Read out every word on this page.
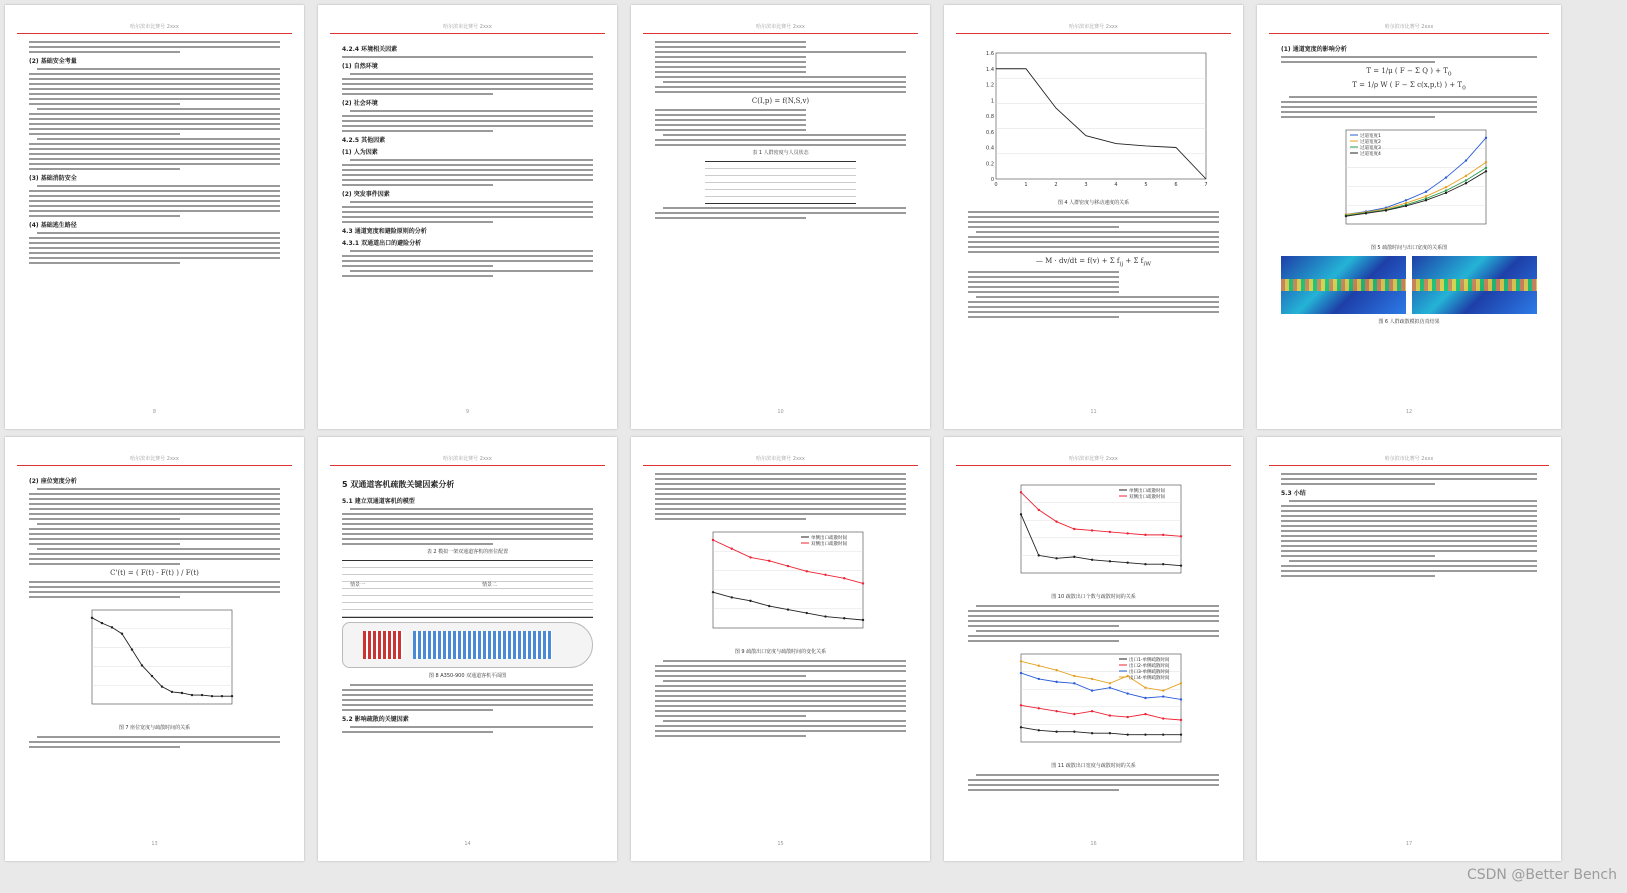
哈尔滨市比赛号 2xxx
(2) 基础安全考量
(3) 基础消防安全
(4) 基础逃生路径
8
哈尔滨市比赛号 2xxx
4.2.4 环境相关因素
(1) 自然环境
(2) 社会环境
4.2.5 其他因素
(1) 人为因素
(2) 突发事件因素
4.3 通道宽度和避险原则的分析
4.3.1 双通道出口的避险分析
9
哈尔滨市比赛号 2xxx
C(I,p) = f(N,S,v)
表 1 人群密度与人员状态
10
哈尔滨市比赛号 2xxx
0	1	2	3	4	5	6	7
0
0.2
0.4
0.6
0.8
1
1.2
1.4
1.6
图 4 人群密度与移动速度的关系
— M · dv/dt = f(v) + Σ $f_{ij} + \Sigma$ $f_{iW}$
11
哈尔滨市比赛号 2xxx
(1) 通道宽度的影响分析
T = 1/μ ( F − Σ Q ) + $T_0$
T = 1/ρ W ( F − Σ c(x,p,t) ) + $T_0$
过道宽度1
过道宽度2
过道宽度3
过道宽度4
图 5 疏散时间与出口宽度的关系图
图 6 人群疏散模拟仿真结果
12
哈尔滨市比赛号 2xxx
(2) 座位宽度分析
C'(t) = ( F(t) - F(t) ) / F(t)
图 7 座位宽度与疏散时间的关系
13
哈尔滨市比赛号 2xxx
5 双通道客机疏散关键因素分析
5.1 建立双通道客机的模型
表 2 模拟一架双通道客机的座位配置
情景一	情景二
图 8 A350-900 双通道客机平面图
5.2 影响疏散的关键因素
14
哈尔滨市比赛号 2xxx
单侧出口疏散时间
双侧出口疏散时间
图 9 疏散出口宽度与疏散时间的变化关系
15
哈尔滨市比赛号 2xxx
单侧出口疏散时间
双侧出口疏散时间
图 10 疏散出口个数与疏散时间的关系
出口1-单侧疏散时间
出口2-单侧疏散时间
出口3-单侧疏散时间
出口4-单侧疏散时间
图 11 疏散出口宽度与疏散时间的关系
16
哈尔滨市比赛号 2xxx
5.3 小结
17
CSDN @Better Bench
